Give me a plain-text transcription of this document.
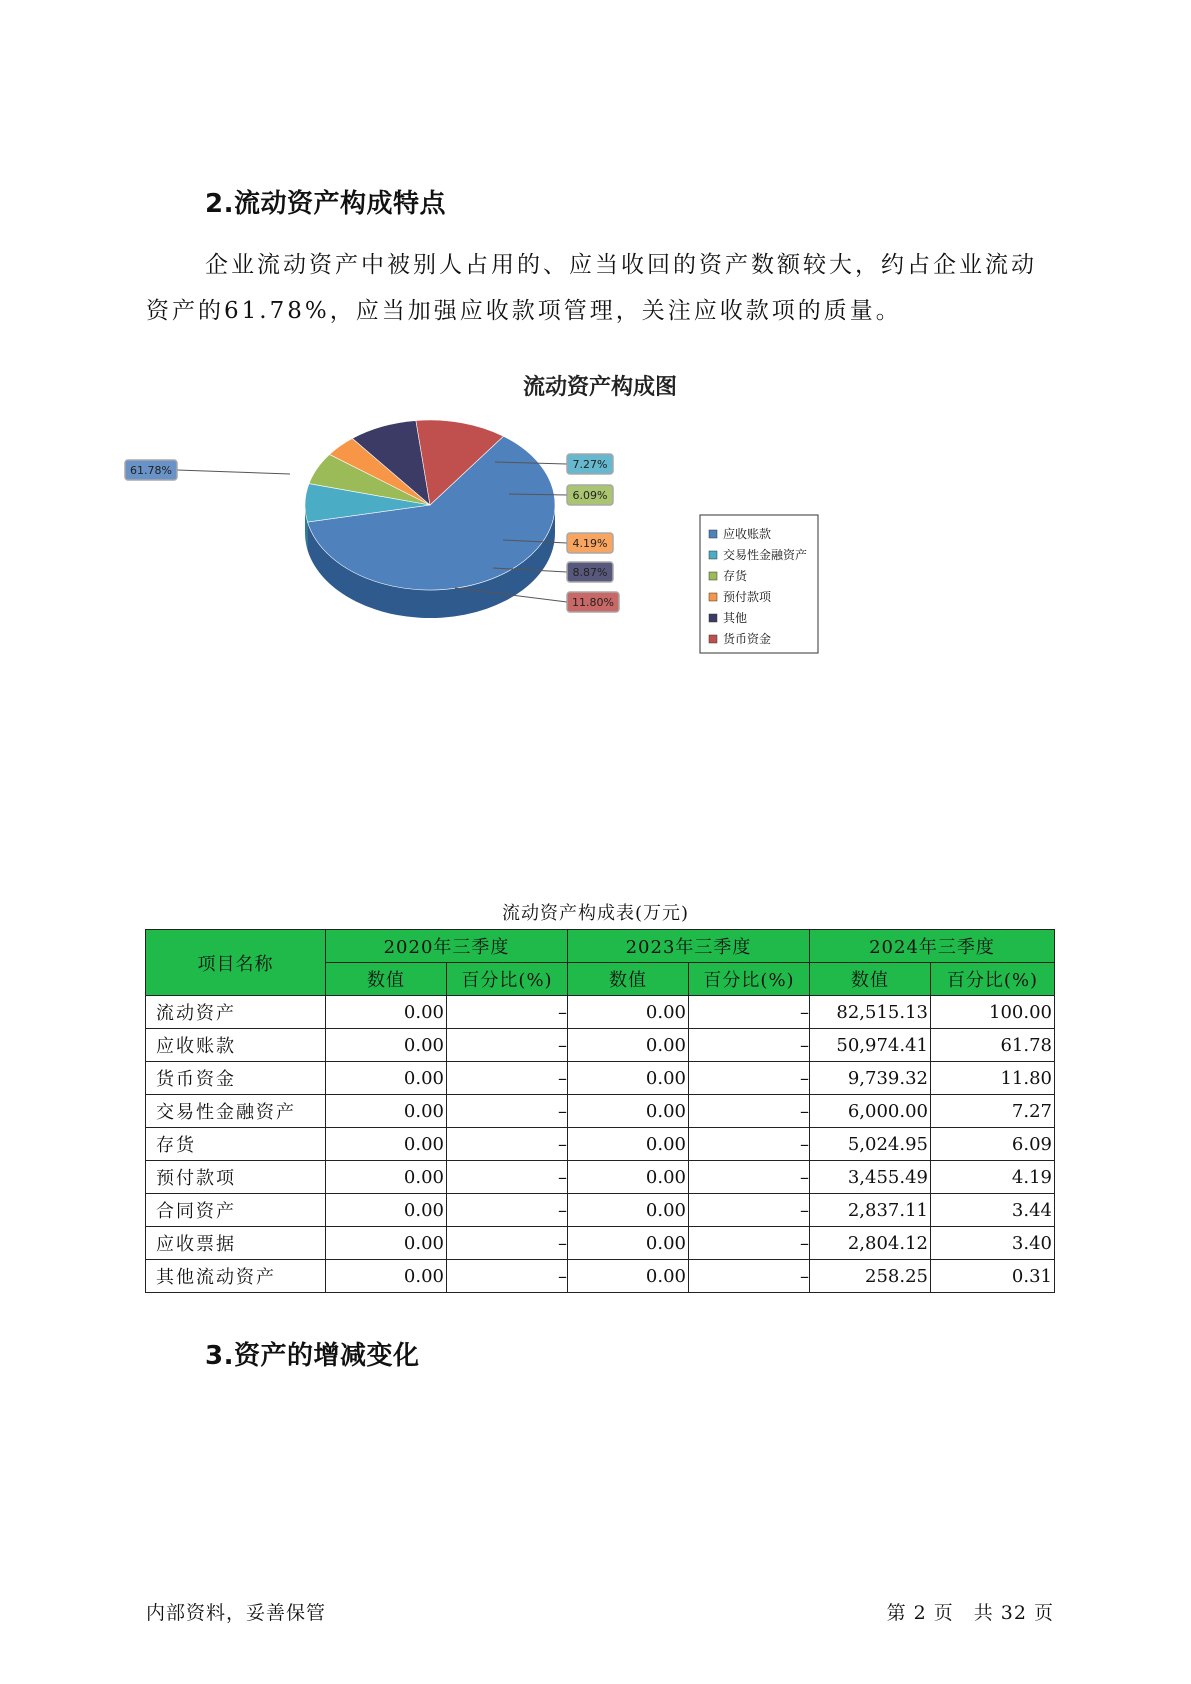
2.流动资产构成特点
企业流动资产中被别人占用的、应当收回的资产数额较大，约占企业流动资产的61.78%，应当加强应收款项管理，关注应收款项的质量。
流动资产构成图
61.78%	7.27%
6.09%
4.19%
8.87%
11.80%
应收账款
交易性金融资产
存货
预付款项
其他
货币资金
流动资产构成表(万元)
项目名称	2020年三季度		2023年三季度		2024年三季度	
	数值	百分比(%)	数值	百分比(%)	数值	百分比(%)
流动资产	0.00	–	0.00	–	82,515.13	100.00
应收账款	0.00	–	0.00	–	50,974.41	61.78
货币资金	0.00	–	0.00	–	9,739.32	11.80
交易性金融资产	0.00	–	0.00	–	6,000.00	7.27
存货	0.00	–	0.00	–	5,024.95	6.09
预付款项	0.00	–	0.00	–	3,455.49	4.19
合同资产	0.00	–	0.00	–	2,837.11	3.44
应收票据	0.00	–	0.00	–	2,804.12	3.40
其他流动资产	0.00	–	0.00	–	258.25	0.31
3.资产的增减变化
内部资料，妥善保管	第 2 页　共 32 页
